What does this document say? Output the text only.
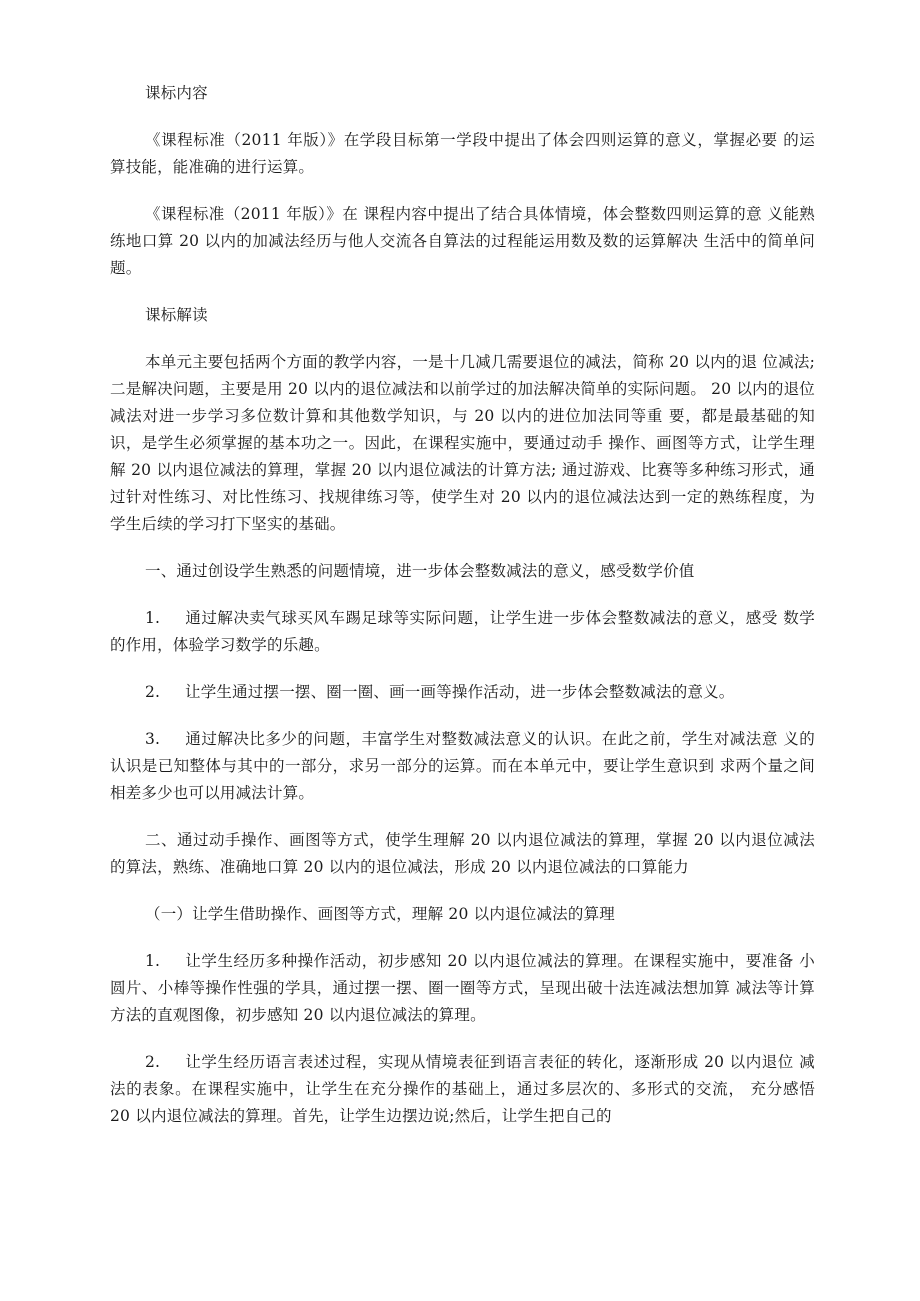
课标内容

《课程标准（2011 年版）》在学段目标第一学段中提出了体会四则运算的意义，掌握必要 的运算技能，能准确的进行运算。

《课程标准（2011 年版）》在 课程内容中提出了结合具体情境，体会整数四则运算的意 义能熟练地口算 20 以内的加减法经历与他人交流各自算法的过程能运用数及数的运算解决 生活中的简单问题。

课标解读

本单元主要包括两个方面的教学内容，一是十几减几需要退位的减法，简称 20 以内的退 位减法;二是解决问题，主要是用 20 以内的退位减法和以前学过的加法解决简单的实际问题。 20 以内的退位减法对进一步学习多位数计算和其他数学知识，与 20 以内的进位加法同等重 要，都是最基础的知识，是学生必须掌握的基本功之一。因此，在课程实施中，要通过动手 操作、画图等方式，让学生理解 20 以内退位减法的算理，掌握 20 以内退位减法的计算方法; 通过游戏、比赛等多种练习形式，通过针对性练习、对比性练习、找规律练习等，使学生对 20 以内的退位减法达到一定的熟练程度，为学生后续的学习打下坚实的基础。

一、通过创设学生熟悉的问题情境，进一步体会整数减法的意义，感受数学价值

1. 通过解决卖气球买风车踢足球等实际问题，让学生进一步体会整数减法的意义，感受 数学的作用，体验学习数学的乐趣。

2. 让学生通过摆一摆、圈一圈、画一画等操作活动，进一步体会整数减法的意义。

3. 通过解决比多少的问题，丰富学生对整数减法意义的认识。在此之前，学生对减法意 义的认识是已知整体与其中的一部分，求另一部分的运算。而在本单元中，要让学生意识到 求两个量之间相差多少也可以用减法计算。

二、通过动手操作、画图等方式，使学生理解 20 以内退位减法的算理，掌握 20 以内退位减法的算法，熟练、准确地口算 20 以内的退位减法，形成 20 以内退位减法的口算能力

（一）让学生借助操作、画图等方式，理解 20 以内退位减法的算理

1. 让学生经历多种操作活动，初步感知 20 以内退位减法的算理。在课程实施中，要准备 小圆片、小棒等操作性强的学具，通过摆一摆、圈一圈等方式，呈现出破十法连减法想加算 减法等计算方法的直观图像，初步感知 20 以内退位减法的算理。

2. 让学生经历语言表述过程，实现从情境表征到语言表征的转化，逐渐形成 20 以内退位 减法的表象。在课程实施中，让学生在充分操作的基础上，通过多层次的、多形式的交流， 充分感悟 20 以内退位减法的算理。首先，让学生边摆边说;然后，让学生把自己的
